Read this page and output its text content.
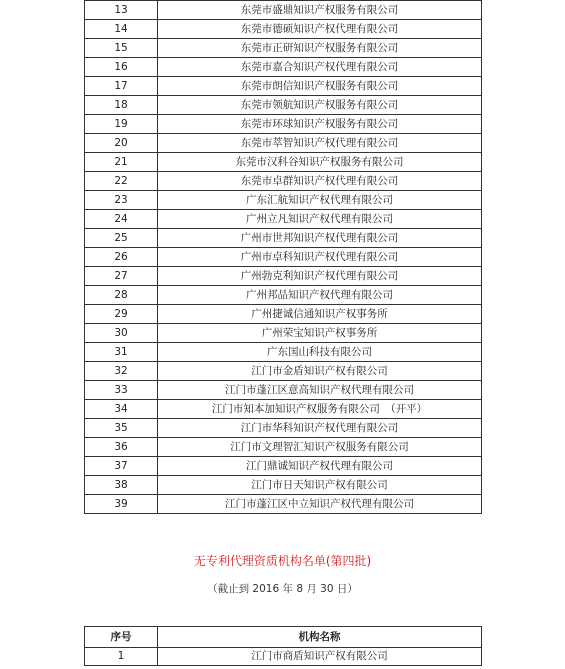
13	东莞市盛鼎知识产权服务有限公司
14	东莞市德硕知识产权代理有限公司
15	东莞市正研知识产权服务有限公司
16	东莞市嘉合知识产权代理有限公司
17	东莞市朗信知识产权服务有限公司
18	东莞市领航知识产权服务有限公司
19	东莞市环球知识产权服务有限公司
20	东莞市萃智知识产权代理有限公司
21	东莞市汉科谷知识产权服务有限公司
22	东莞市卓群知识产权代理有限公司
23	广东汇航知识产权代理有限公司
24	广州立凡知识产权代理有限公司
25	广州市世邦知识产权代理有限公司
26	广州市卓科知识产权代理有限公司
27	广州勃克利知识产权代理有限公司
28	广州邦品知识产权代理有限公司
29	广州捷诚信通知识产权事务所
30	广州荣宝知识产权事务所
31	广东国山科技有限公司
32	江门市金盾知识产权有限公司
33	江门市蓬江区意高知识产权代理有限公司
34	江门市知本加知识产权服务有限公司　（开平）
35	江门市华科知识产权代理有限公司
36	江门市文理智汇知识产权服务有限公司
37	江门鼎诚知识产权代理有限公司
38	江门市日天知识产权有限公司
39	江门市蓬江区中立知识产权代理有限公司
无专利代理资质机构名单(第四批)
（截止到 2016 年 8 月 30 日）
序号	机构名称
1	江门市商盾知识产权有限公司
